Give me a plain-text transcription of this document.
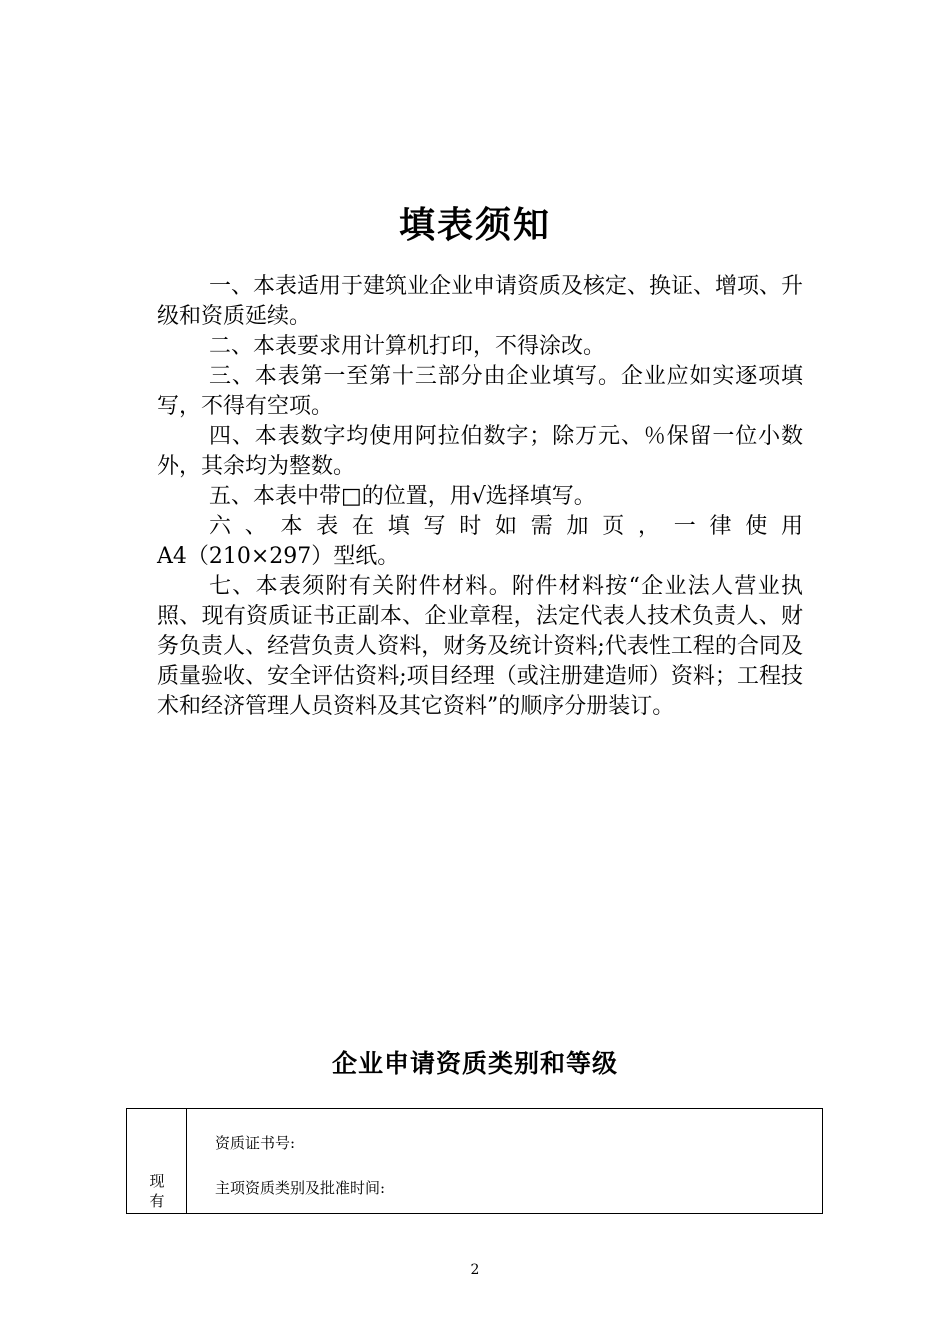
填表须知

一、本表适用于建筑业企业申请资质及核定、换证、增项、升级和资质延续。

二、本表要求用计算机打印，不得涂改。

三、本表第一至第十三部分由企业填写。企业应如实逐项填写，不得有空项。

四、本表数字均使用阿拉伯数字；除万元、％保留一位小数外，其余均为整数。

五、本表中带□的位置，用√选择填写。

六、本表在填写时如需加页，一律使用

A4（210×297）型纸。

七、本表须附有关附件材料。附件材料按“企业法人营业执照、现有资质证书正副本、企业章程，法定代表人技术负责人、财务负责人、经营负责人资料，财务及统计资料;代表性工程的合同及质量验收、安全评估资料;项目经理（或注册建造师）资料；工程技术和经济管理人员资料及其它资料”的顺序分册装订。

企业申请资质类别和等级
现
有
资质证书号:
主项资质类别及批准时间:
2
